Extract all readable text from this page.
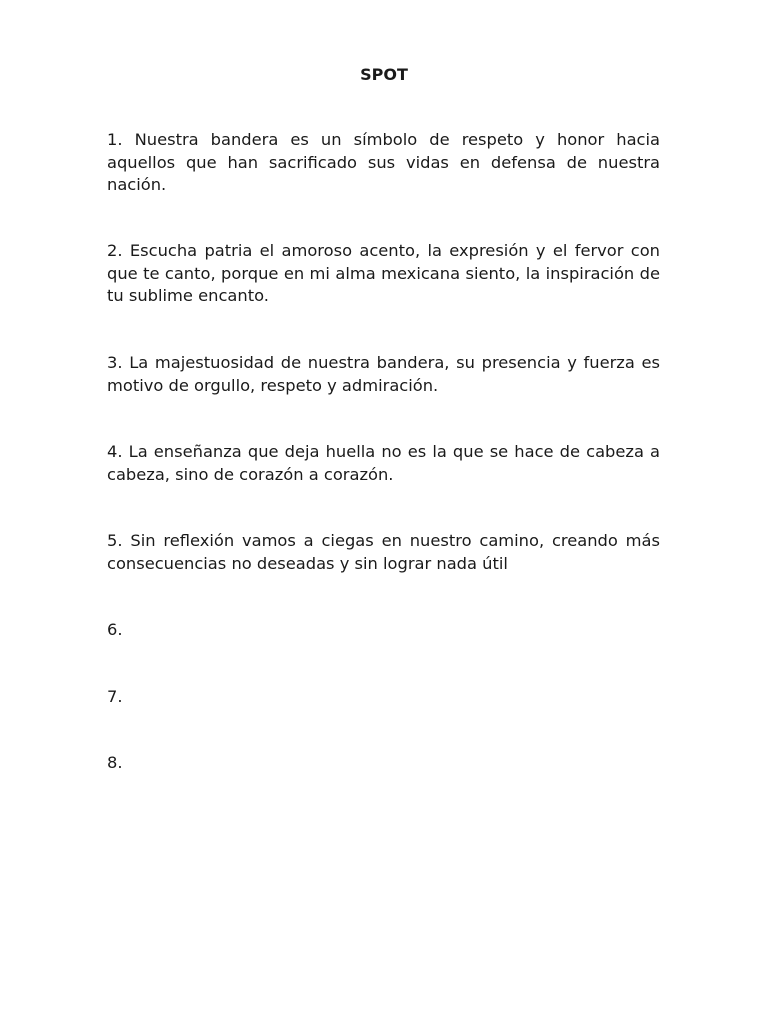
SPOT

1. Nuestra bandera es un símbolo de respeto y honor hacia aquellos que han sacrificado sus vidas en defensa de nuestra nación.

2. Escucha patria el amoroso acento, la expresión y el fervor con que te canto, porque en mi alma mexicana siento, la inspiración de tu sublime encanto.

3. La majestuosidad de nuestra bandera, su presencia y fuerza es motivo de orgullo, respeto y admiración.

4. La enseñanza que deja huella no es la que se hace de cabeza a cabeza, sino de corazón a corazón.

5. Sin reflexión vamos a ciegas en nuestro camino, creando más consecuencias no deseadas y sin lograr nada útil

6.

7.

8.
